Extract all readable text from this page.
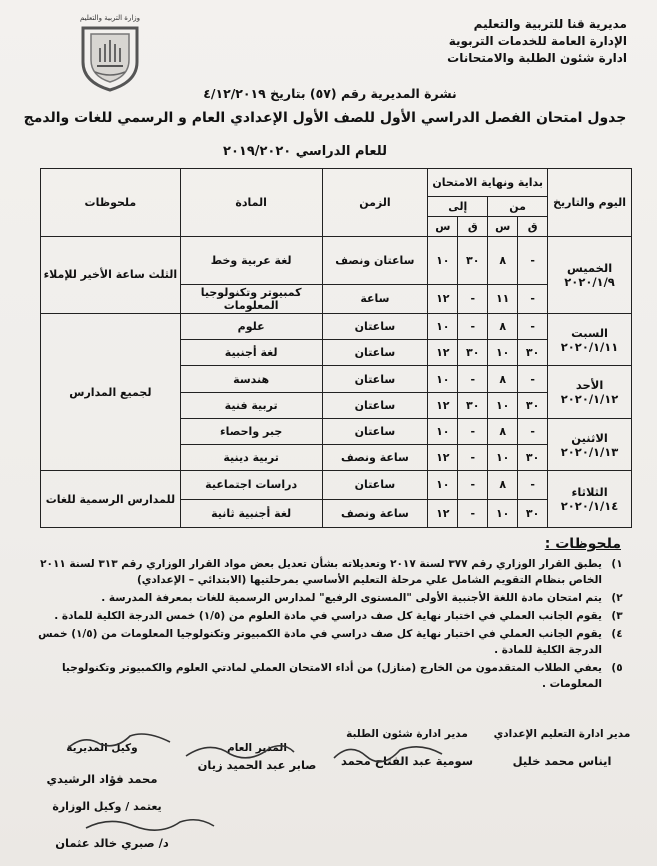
مديرية قنا للتربية والتعليم
الإدارة العامة للخدمات التربوية
ادارة شئون الطلبة والامتحانات
وزارة التربية والتعليم
نشرة المديرية رقم (٥٧) بتاريخ ٤/١٢/٢٠١٩
جدول امتحان الفصل الدراسي الأول للصف الأول الإعدادي العام و الرسمي للغات والدمج
للعام الدراسي ٢٠١٩/٢٠٢٠
اليوم والتاريخ	بداية ونهاية الامتحان				الزمن	المادة	ملحوظات
	من		إلى				
	ق	س	ق	س			

الخميس
٢٠٢٠/١/٩	-	٨	٣٠	١٠	ساعتان ونصف	لغة عربية وخط	الثلث ساعة الأخير للإملاء
	-	١١	-	١٢	ساعة	كمبيوتر وتكنولوجيا المعلومات	

السبت
٢٠٢٠/١/١١	-	٨	-	١٠	ساعتان	علوم	لجميع المدارس
	٣٠	١٠	٣٠	١٢	ساعتان	لغة أجنبية	

الأحد
٢٠٢٠/١/١٢	-	٨	-	١٠	ساعتان	هندسة	
	٣٠	١٠	٣٠	١٢	ساعتان	تربية فنية	

الاثنين
٢٠٢٠/١/١٣	-	٨	-	١٠	ساعتان	جبر واحصاء	
	٣٠	١٠	-	١٢	ساعة ونصف	تربية دينية	

الثلاثاء
٢٠٢٠/١/١٤	-	٨	-	١٠	ساعتان	دراسات اجتماعية	للمدارس الرسمية للغات
	٣٠	١٠	-	١٢	ساعة ونصف	لغة أجنبية ثانية	
ملحوظات :
١)
يطبق القرار الوزاري رقم ٣٧٧ لسنة ٢٠١٧ وتعديلاته بشأن تعديل بعض مواد القرار الوزاري رقم ٣١٣ لسنة ٢٠١١ الخاص بنظام التقويم الشامل علي مرحلة التعليم الأساسي بمرحلتيها (الابتدائي – الإعدادي)
٢)
يتم امتحان مادة اللغة الأجنبية الأولى "المستوى الرفيع" لمدارس الرسمية للغات بمعرفة المدرسة .
٣)
يقوم الجانب العملي في اختبار نهاية كل صف دراسي في مادة العلوم من (١/٥) خمس الدرجة الكلية للمادة .
٤)
يقوم الجانب العملي في اختبار نهاية كل صف دراسي في مادة الكمبيوتر وتكنولوجيا المعلومات من (١/٥) خمس الدرجة الكلية للمادة .
٥)
يعفي الطلاب المتقدمون من الخارج (منازل) من أداء الامتحان العملي لمادتي العلوم والكمبيوتر وتكنولوجيا المعلومات .
مدير ادارة التعليم الإعدادي
ايناس محمد خليل
مدير ادارة شئون الطلبة
سومية عبد الفتاح محمد
المدير العام
صابر عبد الحميد زيان
وكيل المديرية
محمد فؤاد الرشيدي
يعتمد / وكيل الوزارة
د/ صبري خالد عثمان
